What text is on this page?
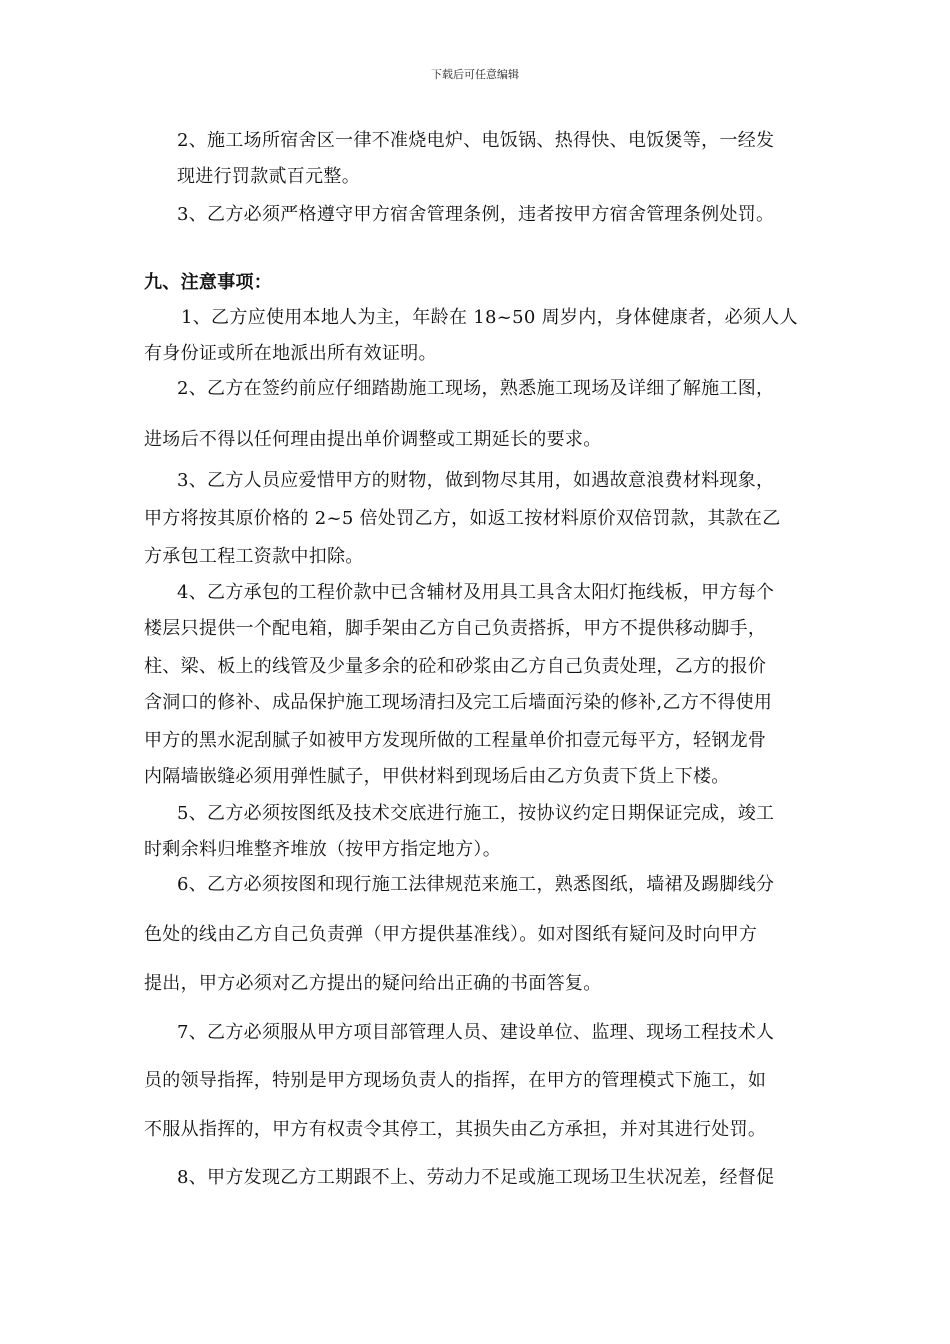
下载后可任意编辑
2、施工场所宿舍区一律不准烧电炉、电饭锅、热得快、电饭煲等，一经发
现进行罚款贰百元整。
3、乙方必须严格遵守甲方宿舍管理条例，违者按甲方宿舍管理条例处罚。
九、注意事项：
1、乙方应使用本地人为主，年龄在 18~50 周岁内，身体健康者，必须人人
有身份证或所在地派出所有效证明。
2、乙方在签约前应仔细踏勘施工现场，熟悉施工现场及详细了解施工图，
进场后不得以任何理由提出单价调整或工期延长的要求。
3、乙方人员应爱惜甲方的财物，做到物尽其用，如遇故意浪费材料现象，
甲方将按其原价格的 2~5 倍处罚乙方，如返工按材料原价双倍罚款，其款在乙
方承包工程工资款中扣除。
4、乙方承包的工程价款中已含辅材及用具工具含太阳灯拖线板，甲方每个
楼层只提供一个配电箱，脚手架由乙方自己负责搭拆，甲方不提供移动脚手，
柱、梁、板上的线管及少量多余的砼和砂浆由乙方自己负责处理，乙方的报价
含洞口的修补、成品保护施工现场清扫及完工后墙面污染的修补,乙方不得使用
甲方的黑水泥刮腻子如被甲方发现所做的工程量单价扣壹元每平方，轻钢龙骨
内隔墙嵌缝必须用弹性腻子，甲供材料到现场后由乙方负责下货上下楼。
5、乙方必须按图纸及技术交底进行施工，按协议约定日期保证完成，竣工
时剩余料归堆整齐堆放（按甲方指定地方）。
6、乙方必须按图和现行施工法律规范来施工，熟悉图纸，墙裙及踢脚线分
色处的线由乙方自己负责弹（甲方提供基准线）。如对图纸有疑问及时向甲方
提出，甲方必须对乙方提出的疑问给出正确的书面答复。
7、乙方必须服从甲方项目部管理人员、建设单位、监理、现场工程技术人
员的领导指挥，特别是甲方现场负责人的指挥，在甲方的管理模式下施工，如
不服从指挥的，甲方有权责令其停工，其损失由乙方承担，并对其进行处罚。
8、甲方发现乙方工期跟不上、劳动力不足或施工现场卫生状况差，经督促
